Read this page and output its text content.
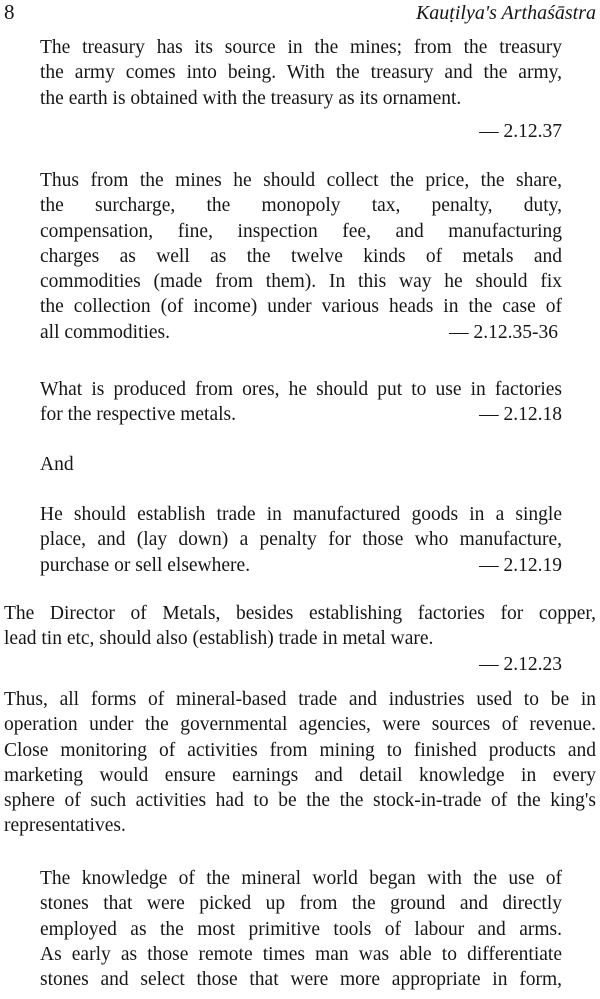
8	Kauṭilya's Arthaśāstra
The treasury has its source in the mines; from the treasury
the army comes into being. With the treasury and the army,
the earth is obtained with the treasury as its ornament.
— 2.12.37
Thus from the mines he should collect the price, the share,
the surcharge, the monopoly tax, penalty, duty,
compensation, fine, inspection fee, and manufacturing
charges as well as the twelve kinds of metals and
commodities (made from them). In this way he should fix
the collection (of income) under various heads in the case of
all commodities.	— 2.12.35-36
What is produced from ores, he should put to use in factories
for the respective metals.	— 2.12.18
And
He should establish trade in manufactured goods in a single
place, and (lay down) a penalty for those who manufacture,
purchase or sell elsewhere.	— 2.12.19
The Director of Metals, besides establishing factories for copper,
lead tin etc, should also (establish) trade in metal ware.
— 2.12.23
Thus, all forms of mineral-based trade and industries used to be in
operation under the governmental agencies, were sources of revenue.
Close monitoring of activities from mining to finished products and
marketing would ensure earnings and detail knowledge in every
sphere of such activities had to be the the stock-in-trade of the king's
representatives.
The knowledge of the mineral world began with the use of
stones that were picked up from the ground and directly
employed as the most primitive tools of labour and arms.
As early as those remote times man was able to differentiate
stones and select those that were more appropriate in form,
